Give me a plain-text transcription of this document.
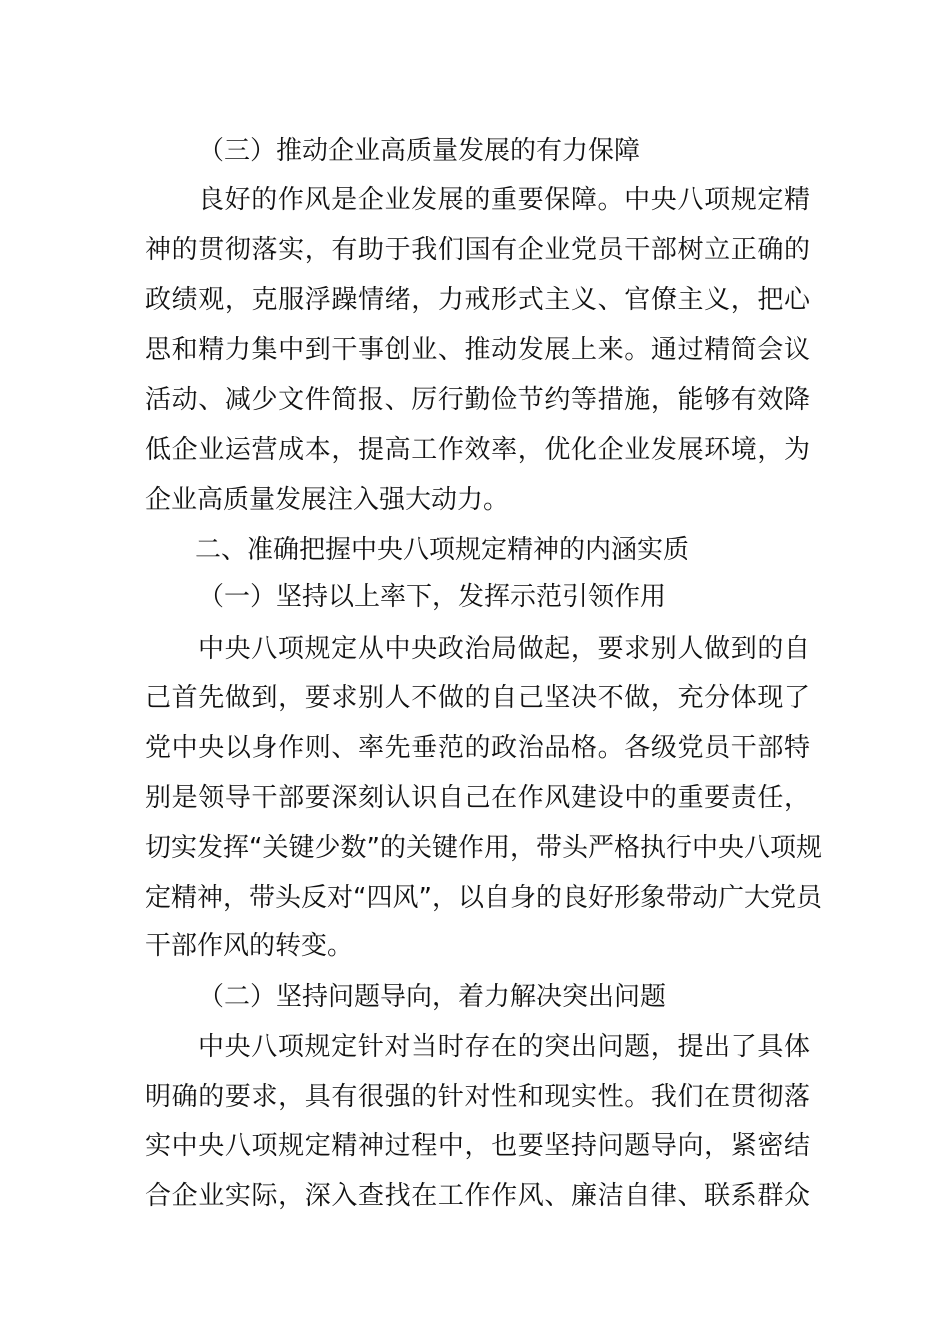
（三）推动企业高质量发展的有力保障
良好的作风是企业发展的重要保障。中央八项规定精
神的贯彻落实，有助于我们国有企业党员干部树立正确的
政绩观，克服浮躁情绪，力戒形式主义、官僚主义，把心
思和精力集中到干事创业、推动发展上来。通过精简会议
活动、减少文件简报、厉行勤俭节约等措施，能够有效降
低企业运营成本，提高工作效率，优化企业发展环境，为
企业高质量发展注入强大动力。
二、准确把握中央八项规定精神的内涵实质
（一）坚持以上率下，发挥示范引领作用
中央八项规定从中央政治局做起，要求别人做到的自
己首先做到，要求别人不做的自己坚决不做，充分体现了
党中央以身作则、率先垂范的政治品格。各级党员干部特
别是领导干部要深刻认识自己在作风建设中的重要责任，
切实发挥“关键少数”的关键作用，带头严格执行中央八项规
定精神，带头反对“四风”，以自身的良好形象带动广大党员
干部作风的转变。
（二）坚持问题导向，着力解决突出问题
中央八项规定针对当时存在的突出问题，提出了具体
明确的要求，具有很强的针对性和现实性。我们在贯彻落
实中央八项规定精神过程中，也要坚持问题导向，紧密结
合企业实际，深入查找在工作作风、廉洁自律、联系群众
